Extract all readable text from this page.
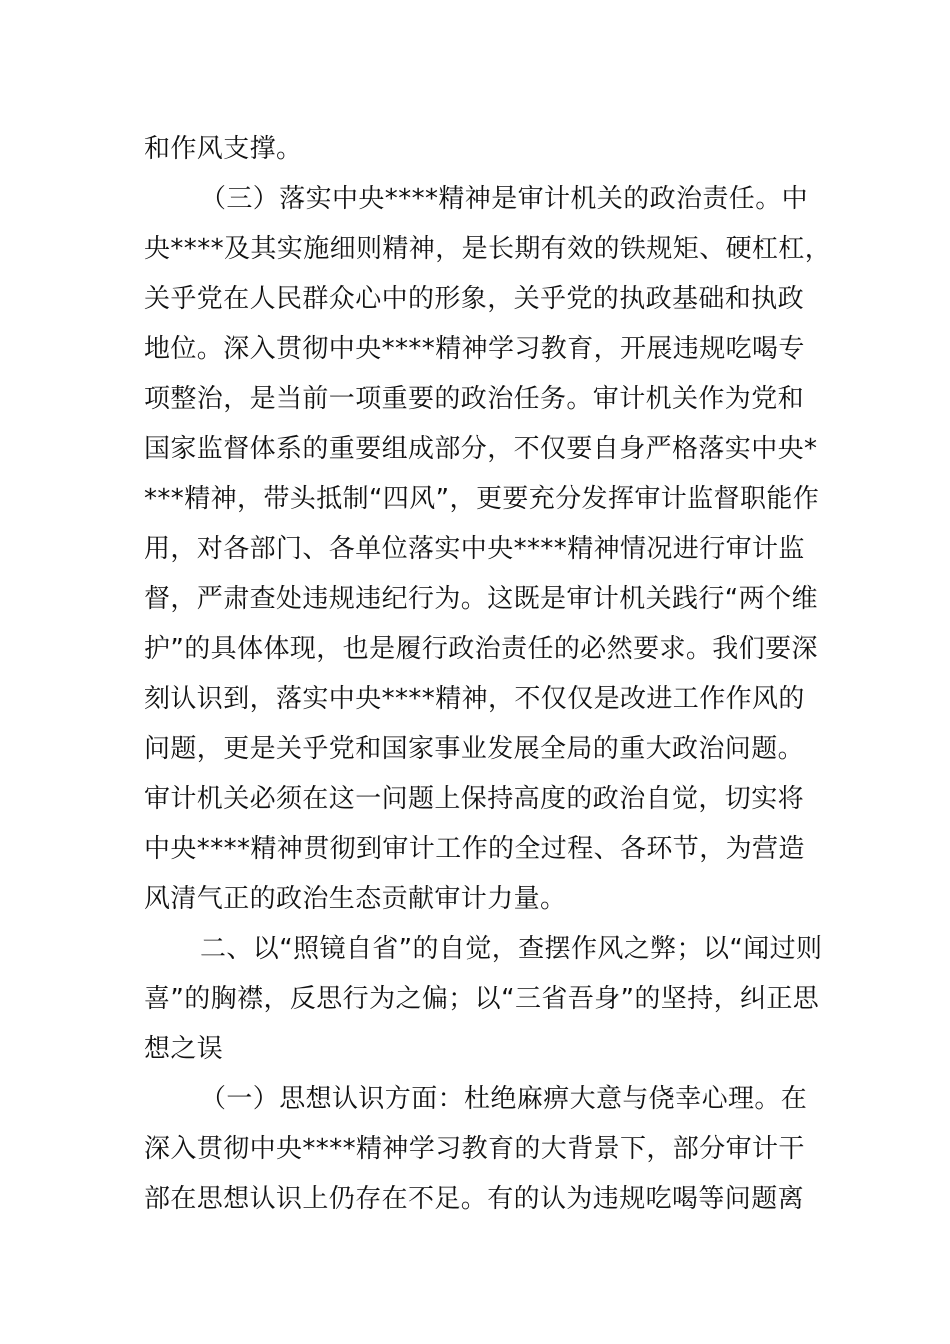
和作风支撑。
（三）落实中央****精神是审计机关的政治责任。中
央****及其实施细则精神，是长期有效的铁规矩、硬杠杠，
关乎党在人民群众心中的形象，关乎党的执政基础和执政
地位。深入贯彻中央****精神学习教育，开展违规吃喝专
项整治，是当前一项重要的政治任务。审计机关作为党和
国家监督体系的重要组成部分，不仅要自身严格落实中央*
***精神，带头抵制“四风”，更要充分发挥审计监督职能作
用，对各部门、各单位落实中央****精神情况进行审计监
督，严肃查处违规违纪行为。这既是审计机关践行“两个维
护”的具体体现，也是履行政治责任的必然要求。我们要深
刻认识到，落实中央****精神，不仅仅是改进工作作风的
问题，更是关乎党和国家事业发展全局的重大政治问题。
审计机关必须在这一问题上保持高度的政治自觉，切实将
中央****精神贯彻到审计工作的全过程、各环节，为营造
风清气正的政治生态贡献审计力量。
二、以“照镜自省”的自觉，查摆作风之弊；以“闻过则
喜”的胸襟，反思行为之偏；以“三省吾身”的坚持，纠正思
想之误
（一）思想认识方面：杜绝麻痹大意与侥幸心理。在
深入贯彻中央****精神学习教育的大背景下，部分审计干
部在思想认识上仍存在不足。有的认为违规吃喝等问题离
